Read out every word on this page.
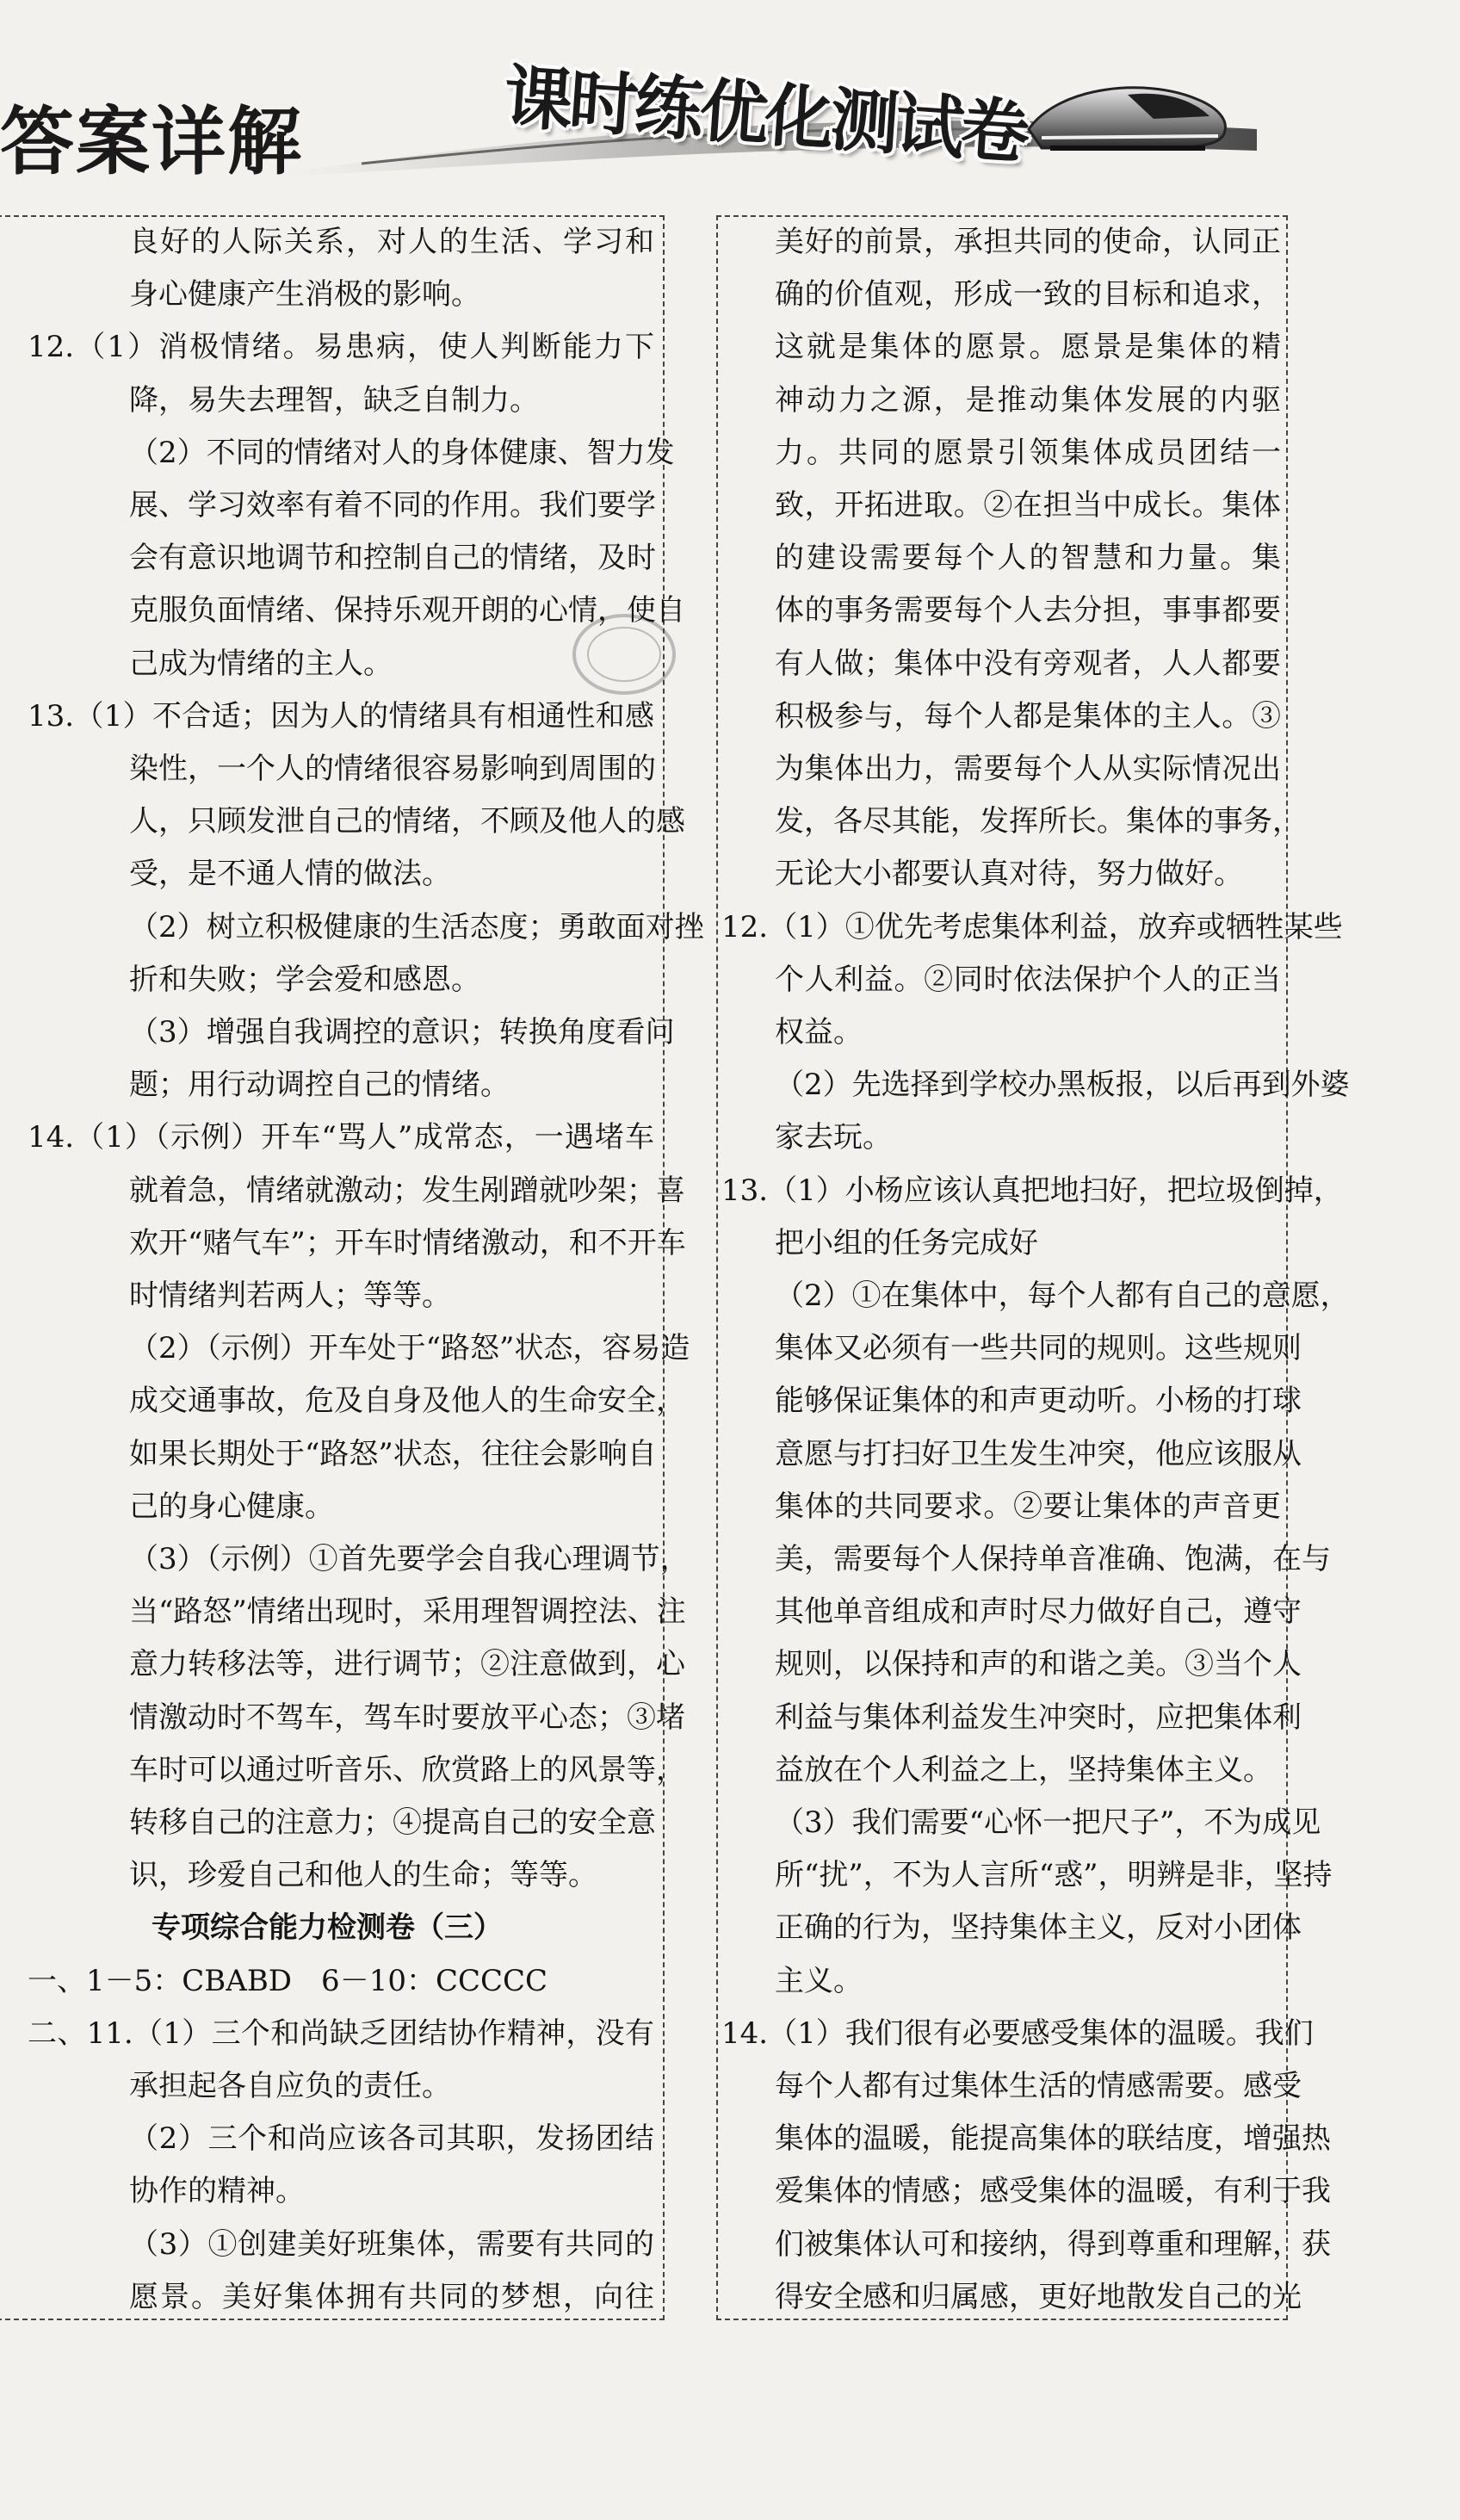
答案详解	课时练优化测试卷
良好的人际关系，对人的生活、学习和
身心健康产生消极的影响。
12.（1）消极情绪。易患病，使人判断能力下
降，易失去理智，缺乏自制力。
（2）不同的情绪对人的身体健康、智力发
展、学习效率有着不同的作用。我们要学
会有意识地调节和控制自己的情绪，及时
克服负面情绪、保持乐观开朗的心情，使自
己成为情绪的主人。
13.（1）不合适；因为人的情绪具有相通性和感
染性，一个人的情绪很容易影响到周围的
人，只顾发泄自己的情绪，不顾及他人的感
受，是不通人情的做法。
（2）树立积极健康的生活态度；勇敢面对挫
折和失败；学会爱和感恩。
（3）增强自我调控的意识；转换角度看问
题；用行动调控自己的情绪。
14.（1）（示例）开车“骂人”成常态，一遇堵车
就着急，情绪就激动；发生剐蹭就吵架；喜
欢开“赌气车”；开车时情绪激动，和不开车
时情绪判若两人；等等。
（2）（示例）开车处于“路怒”状态，容易造
成交通事故，危及自身及他人的生命安全，
如果长期处于“路怒”状态，往往会影响自
己的身心健康。
（3）（示例）①首先要学会自我心理调节，
当“路怒”情绪出现时，采用理智调控法、注
意力转移法等，进行调节；②注意做到，心
情激动时不驾车，驾车时要放平心态；③堵
车时可以通过听音乐、欣赏路上的风景等，
转移自己的注意力；④提高自己的安全意
识，珍爱自己和他人的生命；等等。
专项综合能力检测卷（三）
一、1－5：CBABD　6－10：CCCCC
二、11.（1）三个和尚缺乏团结协作精神，没有
承担起各自应负的责任。
（2）三个和尚应该各司其职，发扬团结
协作的精神。
（3）①创建美好班集体，需要有共同的
愿景。美好集体拥有共同的梦想，向往
美好的前景，承担共同的使命，认同正
确的价值观，形成一致的目标和追求，
这就是集体的愿景。愿景是集体的精
神动力之源，是推动集体发展的内驱
力。共同的愿景引领集体成员团结一
致，开拓进取。②在担当中成长。集体
的建设需要每个人的智慧和力量。集
体的事务需要每个人去分担，事事都要
有人做；集体中没有旁观者，人人都要
积极参与，每个人都是集体的主人。③
为集体出力，需要每个人从实际情况出
发，各尽其能，发挥所长。集体的事务，
无论大小都要认真对待，努力做好。
12.（1）①优先考虑集体利益，放弃或牺牲某些
个人利益。②同时依法保护个人的正当
权益。
（2）先选择到学校办黑板报，以后再到外婆
家去玩。
13.（1）小杨应该认真把地扫好，把垃圾倒掉，
把小组的任务完成好
（2）①在集体中，每个人都有自己的意愿，
集体又必须有一些共同的规则。这些规则
能够保证集体的和声更动听。小杨的打球
意愿与打扫好卫生发生冲突，他应该服从
集体的共同要求。②要让集体的声音更
美，需要每个人保持单音准确、饱满，在与
其他单音组成和声时尽力做好自己，遵守
规则，以保持和声的和谐之美。③当个人
利益与集体利益发生冲突时，应把集体利
益放在个人利益之上，坚持集体主义。
（3）我们需要“心怀一把尺子”，不为成见
所“扰”，不为人言所“惑”，明辨是非，坚持
正确的行为，坚持集体主义，反对小团体
主义。
14.（1）我们很有必要感受集体的温暖。我们
每个人都有过集体生活的情感需要。感受
集体的温暖，能提高集体的联结度，增强热
爱集体的情感；感受集体的温暖，有利于我
们被集体认可和接纳，得到尊重和理解，获
得安全感和归属感，更好地散发自己的光
